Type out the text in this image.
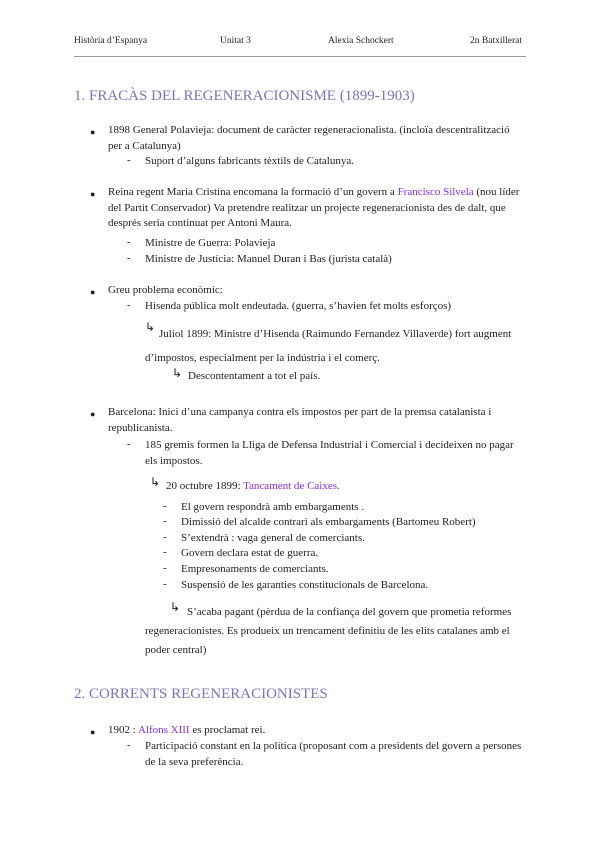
Història d’Espanya	Unitat 3	Alexia Schockert	2n Batxillerat
1. FRACÀS DEL REGENERACIONISME (1899-1903)
● 1898 General Polavieja: document de caràcter regeneracionalista. (incloïa descentralització per a Catalunya)

- Suport d’alguns fabricants tèxtils de Catalunya.

● Reina regent Maria Cristina encomana la formació d’un govern a Francisco Silvela (nou líder del Partit Conservador) Va pretendre realitzar un projecte regeneracionista des de dalt, que després seria continuat per Antoni Maura.

- Ministre de Guerra: Polavieja

- Ministre de Justícia: Manuel Duran i Bas (jurista català)

● Greu problema econòmic:

- Hisenda pública molt endeutada. (guerra, s’havien fet molts esforços)

↳ Juliol 1899: Ministre d’Hisenda (Raimundo Fernandez Villaverde) fort augment d’impostos, especialment per la indústria i el comerç.

↳ Descontentament a tot el país.

● Barcelona: Inici d’una campanya contra els impostos per part de la premsa catalanista i republicanista.

- 185 gremis formen la Lliga de Defensa Industrial i Comercial i decideixen no pagar els impostos.

↳ 20 octubre 1899: Tancament de Caixes.

- El govern respondrà amb embargaments .

- Dimissió del alcalde contrari als embargaments (Bartomeu Robert)

- S’extendrà : vaga general de comerciants.

- Govern declara estat de guerra.

- Empresonaments de comerciants.

- Suspensió de les garanties constitucionals de Barcelona.

↳ S’acaba pagant (pèrdua de la confiança del govern que prometia reformes regeneracionistes. Es produeix un trencament definitiu de les elits catalanes amb el poder central)

2. CORRENTS REGENERACIONISTES
● 1902 : Alfons XIII es proclamat rei.

- Participació constant en la política (proposant com a presidents del govern a persones de la seva preferència.
